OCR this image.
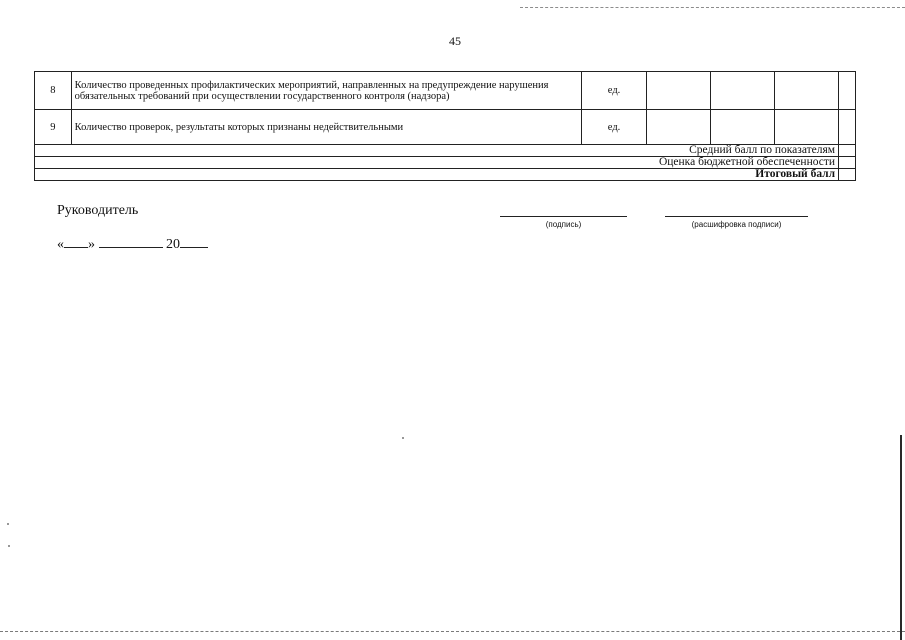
45
8	Количество проведенных профилактических мероприятий, направленных на предупреждение нарушения обязательных требований при осуществлении государственного контроля (надзора)	ед.				
9	Количество проверок, результаты которых признаны недействительными	ед.				
Средний балл по показателям						
Оценка бюджетной обеспеченности						
Итоговый балл						
Руководитель
« »	20
(подпись)	(расшифровка подписи)
